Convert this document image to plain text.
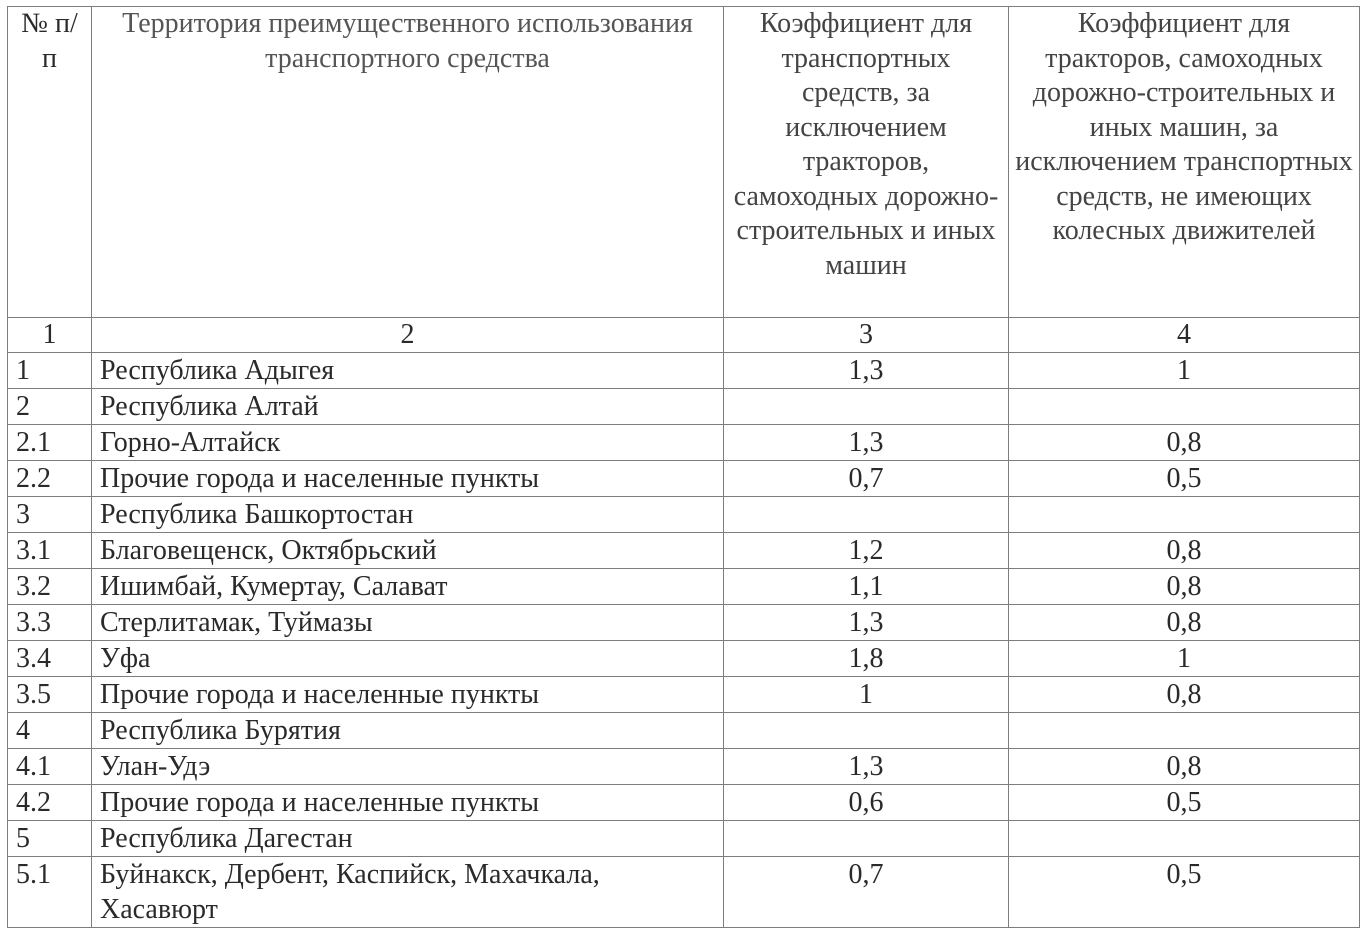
№ п/п	Территория преимущественного использования транспортного средства	Коэффициент для транспортных средств, за исключением тракторов, самоходных дорожно-строительных и иных машин	Коэффициент для тракторов, самоходных дорожно-строительных и иных машин, за исключением транспортных средств, не имеющих колесных движителей
1	2	3	4
1	Республика Адыгея	1,3	1
2	Республика Алтай		
2.1	Горно-Алтайск	1,3	0,8
2.2	Прочие города и населенные пункты	0,7	0,5
3	Республика Башкортостан		
3.1	Благовещенск, Октябрьский	1,2	0,8
3.2	Ишимбай, Кумертау, Салават	1,1	0,8
3.3	Стерлитамак, Туймазы	1,3	0,8
3.4	Уфа	1,8	1
3.5	Прочие города и населенные пункты	1	0,8
4	Республика Бурятия		
4.1	Улан-Удэ	1,3	0,8
4.2	Прочие города и населенные пункты	0,6	0,5
5	Республика Дагестан		
5.1	Буйнакск, Дербент, Каспийск, Махачкала, Хасавюрт	0,7	0,5
